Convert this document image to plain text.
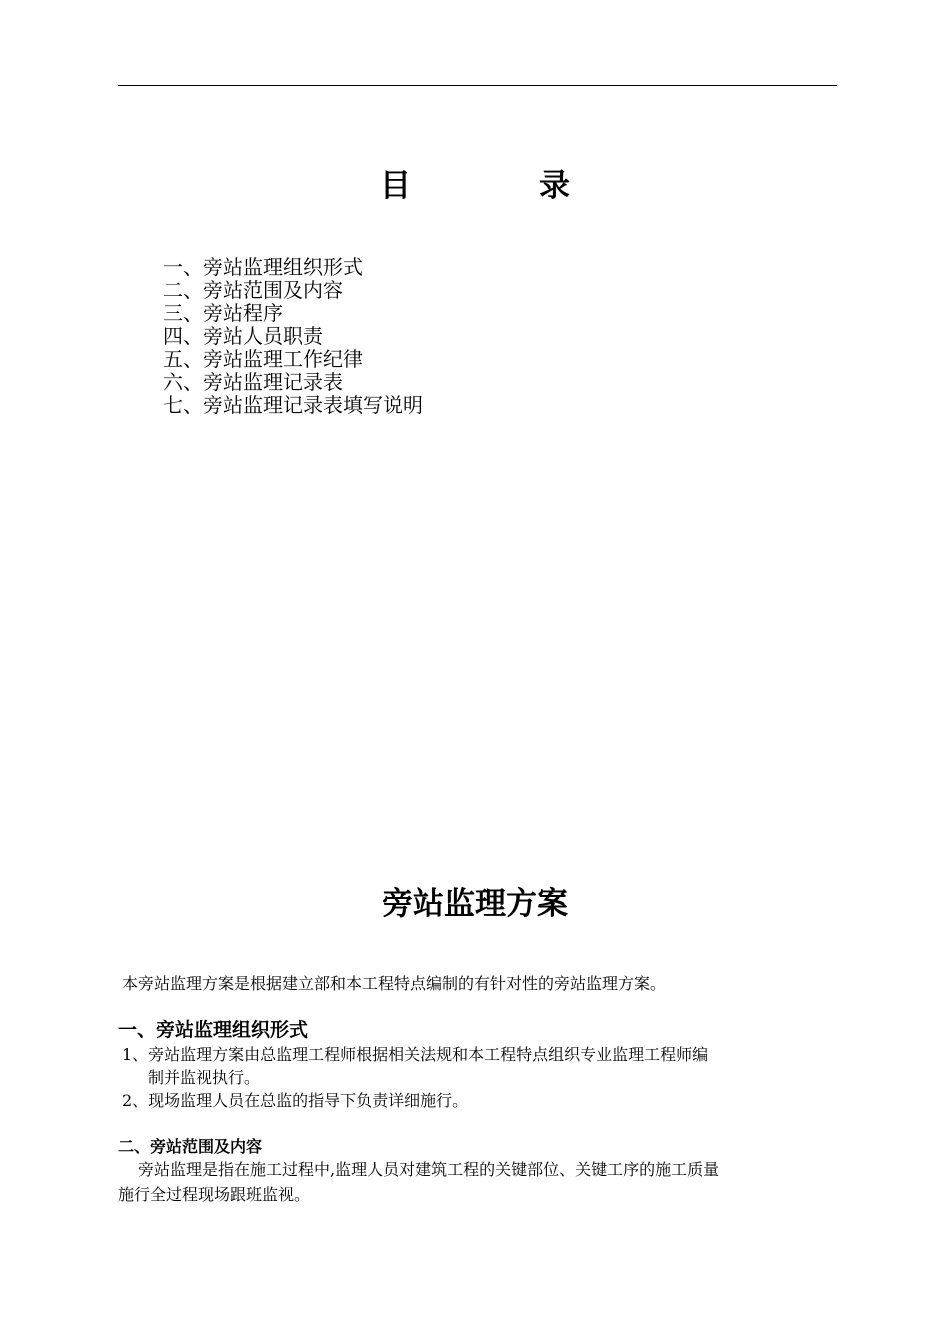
目	录
一、旁站监理组织形式
二、旁站范围及内容
三、旁站程序
四、旁站人员职责
五、旁站监理工作纪律
六、旁站监理记录表
七、旁站监理记录表填写说明
旁站监理方案
本旁站监理方案是根据建立部和本工程特点编制的有针对性的旁站监理方案。
一、旁站监理组织形式
1、旁站监理方案由总监理工程师根据相关法规和本工程特点组织专业监理工程师编
制并监视执行。
2、现场监理人员在总监的指导下负责详细施行。
二、旁站范围及内容
旁站监理是指在施工过程中,监理人员对建筑工程的关键部位、关键工序的施工质量
施行全过程现场跟班监视。
